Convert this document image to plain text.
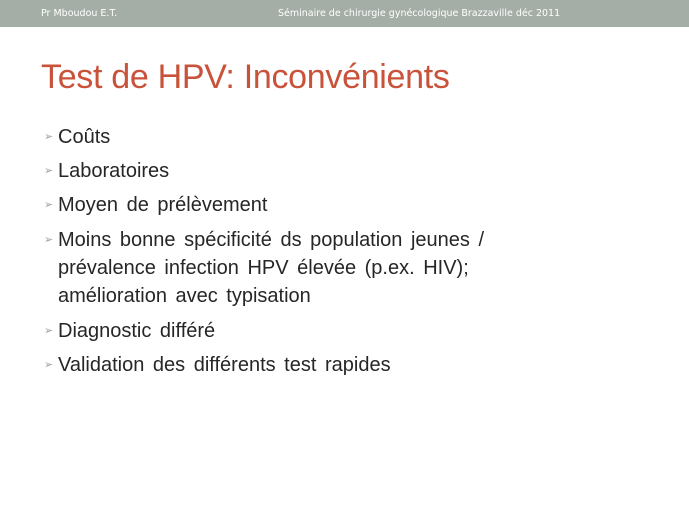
Pr Mboudou E.T.	Séminaire de chirurgie gynécologique Brazzaville déc 2011
Test de HPV: Inconvénients
➢ Coûts
➢ Laboratoires
➢ Moyen de prélèvement
➢ Moins bonne spécificité ds population jeunes /
prévalence infection HPV élevée (p.ex. HIV);
amélioration avec typisation
➢ Diagnostic différé
➢ Validation des différents test rapides
